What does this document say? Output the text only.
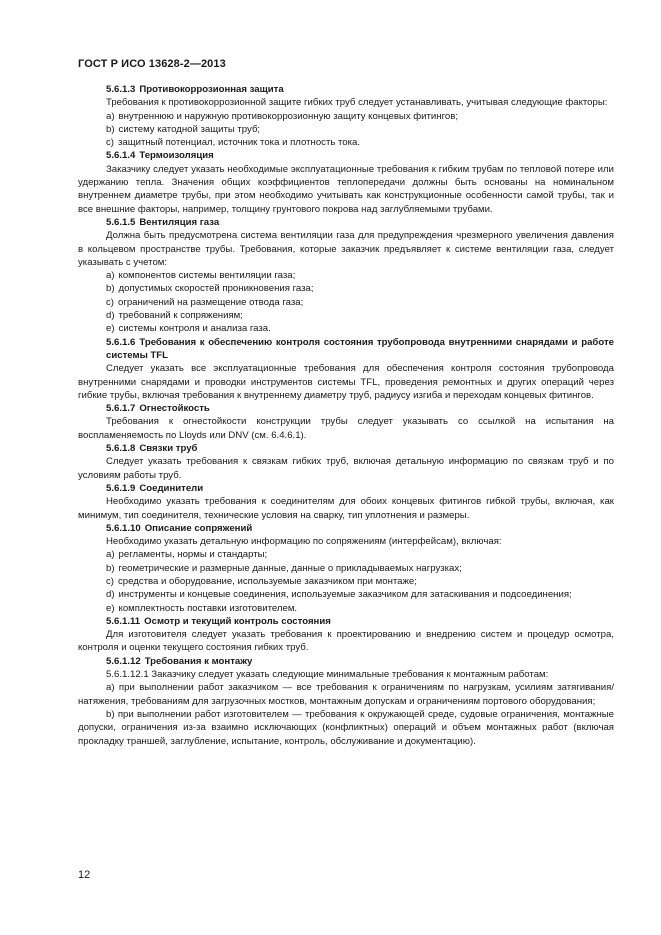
ГОСТ Р ИСО 13628-2—2013

5.6.1.3 Противокоррозионная защита

Требования к противокоррозионной защите гибких труб следует устанавливать, учитывая следующие факторы:

a) внутреннюю и наружную противокоррозионную защиту концевых фитингов;

b) систему катодной защиты труб;

c) защитный потенциал, источник тока и плотность тока.

5.6.1.4 Термоизоляция

Заказчику следует указать необходимые эксплуатационные требования к гибким трубам по тепловой потере или удержанию тепла. Значения общих коэффициентов теплопередачи должны быть основаны на номинальном внутреннем диаметре трубы, при этом необходимо учитывать как конструкционные особенности самой трубы, так и все внешние факторы, например, толщину грунтового покрова над заглубляемыми трубами.

5.6.1.5 Вентиляция газа

Должна быть предусмотрена система вентиляции газа для предупреждения чрезмерного увеличения давления в кольцевом пространстве трубы. Требования, которые заказчик предъявляет к системе вентиляции газа, следует указывать с учетом:

a) компонентов системы вентиляции газа;

b) допустимых скоростей проникновения газа;

c) ограничений на размещение отвода газа;

d) требований к сопряжениям;

e) системы контроля и анализа газа.

5.6.1.6 Требования к обеспечению контроля состояния трубопровода внутренними снарядами и работе системы TFL

Следует указать все эксплуатационные требования для обеспечения контроля состояния трубопровода внутренними снарядами и проводки инструментов системы TFL, проведения ремонтных и других операций через гибкие трубы, включая требования к внутреннему диаметру труб, радиусу изгиба и переходам концевых фитингов.

5.6.1.7 Огнестойкость

Требования к огнестойкости конструкции трубы следует указывать со ссылкой на испытания на воспламеняемость по Lloyds или DNV (см. 6.4.6.1).

5.6.1.8 Связки труб

Следует указать требования к связкам гибких труб, включая детальную информацию по связкам труб и по условиям работы труб.

5.6.1.9 Соединители

Необходимо указать требования к соединителям для обоих концевых фитингов гибкой трубы, включая, как минимум, тип соединителя, технические условия на сварку, тип уплотнения и размеры.

5.6.1.10 Описание сопряжений

Необходимо указать детальную информацию по сопряжениям (интерфейсам), включая:

a) регламенты, нормы и стандарты;

b) геометрические и размерные данные, данные о прикладываемых нагрузках;

c) средства и оборудование, используемые заказчиком при монтаже;

d) инструменты и концевые соединения, используемые заказчиком для затаскивания и подсоединения;

e) комплектность поставки изготовителем.

5.6.1.11 Осмотр и текущий контроль состояния

Для изготовителя следует указать требования к проектированию и внедрению систем и процедур осмотра, контроля и оценки текущего состояния гибких труб.

5.6.1.12 Требования к монтажу

5.6.1.12.1 Заказчику следует указать следующие минимальные требования к монтажным работам:

a) при выполнении работ заказчиком — все требования к ограничениям по нагрузкам, усилиям затягивания/натяжения, требованиям для загрузочных мостков, монтажным допускам и ограничениям портового оборудования;

b) при выполнении работ изготовителем — требования к окружающей среде, судовые ограничения, монтажные допуски, ограничения из-за взаимно исключающих (конфликтных) операций и объем монтажных работ (включая прокладку траншей, заглубление, испытание, контроль, обслуживание и документацию).

12
